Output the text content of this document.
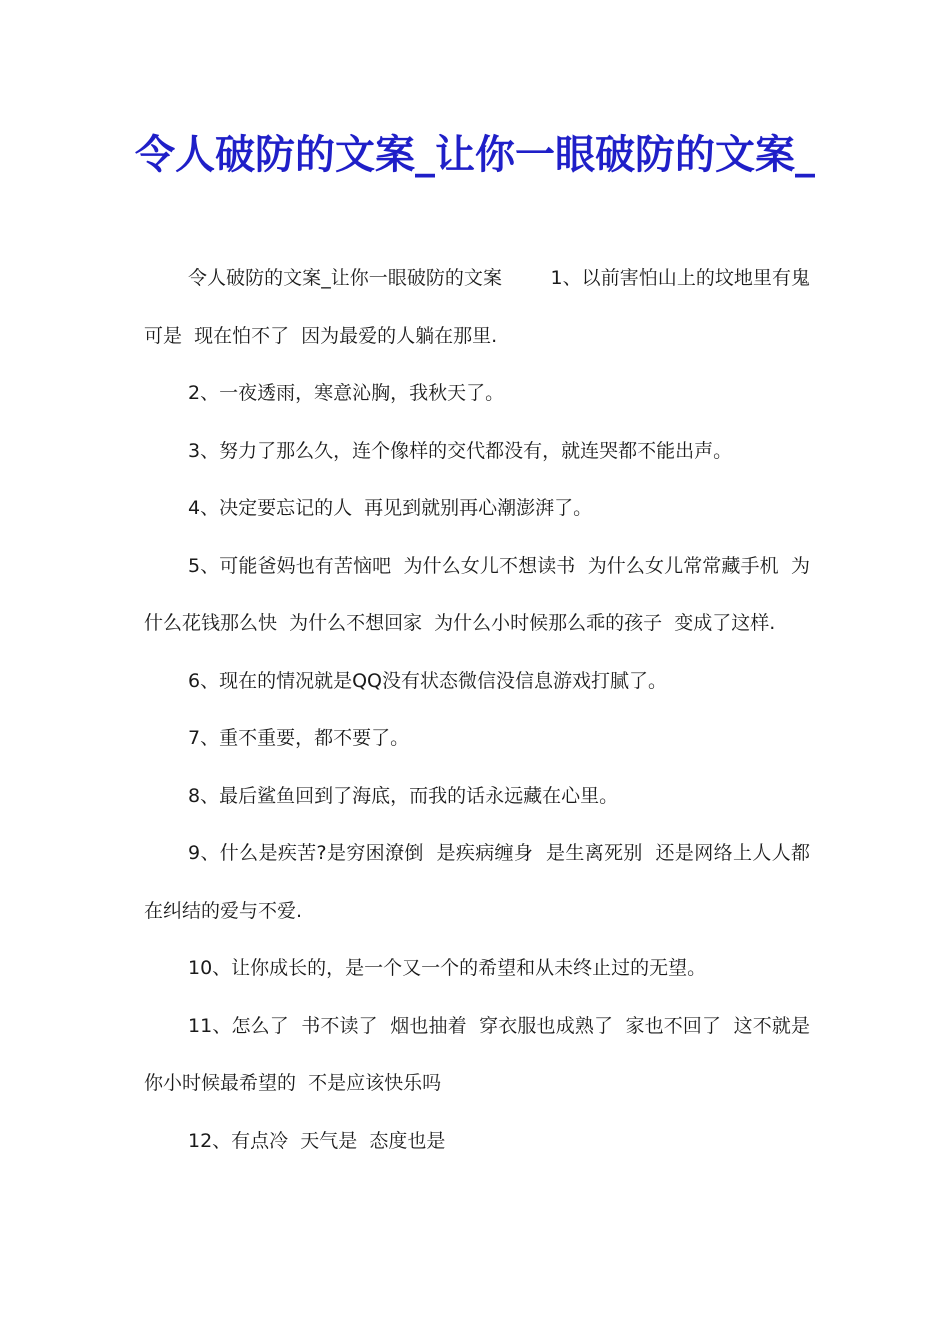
令人破防的文案_让你一眼破防的文案_

令人破防的文案_让你一眼破防的文案        1、以前害怕山上的坟地里有鬼  可是  现在怕不了  因为最爱的人躺在那里.

2、一夜透雨，寒意沁胸，我秋天了。

3、努力了那么久，连个像样的交代都没有，就连哭都不能出声。

4、决定要忘记的人  再见到就别再心潮澎湃了。

5、可能爸妈也有苦恼吧  为什么女儿不想读书  为什么女儿常常藏手机  为什么花钱那么快  为什么不想回家  为什么小时候那么乖的孩子  变成了这样.

6、现在的情况就是QQ没有状态微信没信息游戏打腻了。

7、重不重要，都不要了。

8、最后鲨鱼回到了海底，而我的话永远藏在心里。

9、什么是疾苦?是穷困潦倒  是疾病缠身  是生离死别  还是网络上人人都在纠结的爱与不爱.

10、让你成长的，是一个又一个的希望和从未终止过的无望。

11、怎么了  书不读了  烟也抽着  穿衣服也成熟了  家也不回了  这不就是你小时候最希望的  不是应该快乐吗

12、有点冷  天气是  态度也是
